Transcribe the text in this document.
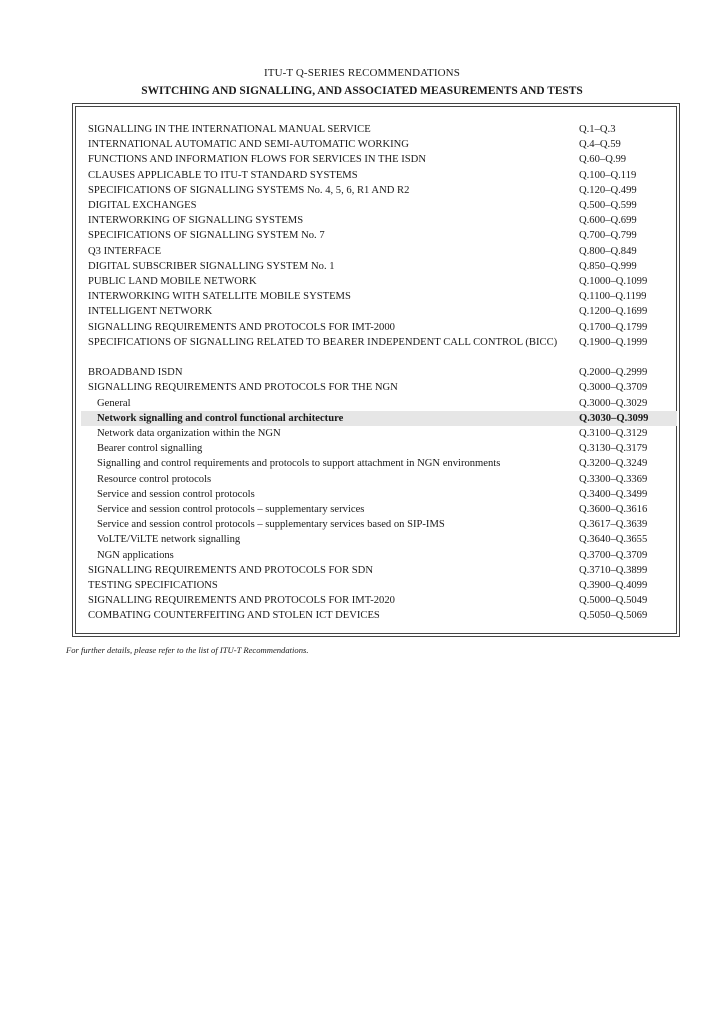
ITU-T Q-SERIES RECOMMENDATIONS
SWITCHING AND SIGNALLING, AND ASSOCIATED MEASUREMENTS AND TESTS
SIGNALLING IN THE INTERNATIONAL MANUAL SERVICE	Q.1–Q.3
INTERNATIONAL AUTOMATIC AND SEMI-AUTOMATIC WORKING	Q.4–Q.59
FUNCTIONS AND INFORMATION FLOWS FOR SERVICES IN THE ISDN	Q.60–Q.99
CLAUSES APPLICABLE TO ITU-T STANDARD SYSTEMS	Q.100–Q.119
SPECIFICATIONS OF SIGNALLING SYSTEMS No. 4, 5, 6, R1 AND R2	Q.120–Q.499
DIGITAL EXCHANGES	Q.500–Q.599
INTERWORKING OF SIGNALLING SYSTEMS	Q.600–Q.699
SPECIFICATIONS OF SIGNALLING SYSTEM No. 7	Q.700–Q.799
Q3 INTERFACE	Q.800–Q.849
DIGITAL SUBSCRIBER SIGNALLING SYSTEM No. 1	Q.850–Q.999
PUBLIC LAND MOBILE NETWORK	Q.1000–Q.1099
INTERWORKING WITH SATELLITE MOBILE SYSTEMS	Q.1100–Q.1199
INTELLIGENT NETWORK	Q.1200–Q.1699
SIGNALLING REQUIREMENTS AND PROTOCOLS FOR IMT-2000	Q.1700–Q.1799
SPECIFICATIONS OF SIGNALLING RELATED TO BEARER INDEPENDENT CALL CONTROL (BICC) Q.1900–Q.1999
BROADBAND ISDN	Q.2000–Q.2999
SIGNALLING REQUIREMENTS AND PROTOCOLS FOR THE NGN	Q.3000–Q.3709
General	Q.3000–Q.3029
Network signalling and control functional architecture	Q.3030–Q.3099
Network data organization within the NGN	Q.3100–Q.3129
Bearer control signalling	Q.3130–Q.3179
Signalling and control requirements and protocols to support attachment in NGN environments	Q.3200–Q.3249
Resource control protocols	Q.3300–Q.3369
Service and session control protocols	Q.3400–Q.3499
Service and session control protocols – supplementary services	Q.3600–Q.3616
Service and session control protocols – supplementary services based on SIP-IMS	Q.3617–Q.3639
VoLTE/ViLTE network signalling	Q.3640–Q.3655
NGN applications	Q.3700–Q.3709
SIGNALLING REQUIREMENTS AND PROTOCOLS FOR SDN	Q.3710–Q.3899
TESTING SPECIFICATIONS	Q.3900–Q.4099
SIGNALLING REQUIREMENTS AND PROTOCOLS FOR IMT-2020	Q.5000–Q.5049
COMBATING COUNTERFEITING AND STOLEN ICT DEVICES	Q.5050–Q.5069
For further details, please refer to the list of ITU-T Recommendations.
